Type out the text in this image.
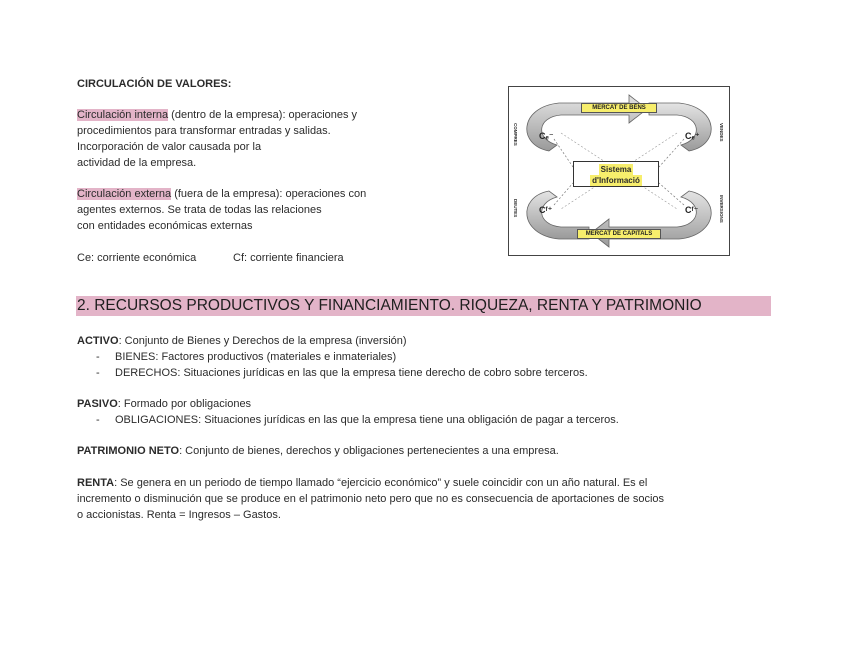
CIRCULACIÓN DE VALORES:
Circulación interna (dentro de la empresa): operaciones y
procedimientos para transformar entradas y salidas.
Incorporación de valor causada por la
actividad de la empresa.
Circulación externa (fuera de la empresa): operaciones con
agentes externos. Se trata de todas las relaciones
con entidades económicas externas
Ce: corriente económica	Cf: corriente financiera
MERCAT DE BÉNS
MERCAT DE CAPITALS
Sistema
d'Informació
Cₑ⁻	Cₑ⁺
Cᶠ⁺	Cᶠ⁻
COMPRES
DEUTES
VENDES
INVERSIONS
2. RECURSOS PRODUCTIVOS Y FINANCIAMIENTO. RIQUEZA, RENTA Y PATRIMONIO
ACTIVO: Conjunto de Bienes y Derechos de la empresa (inversión)
- BIENES: Factores productivos (materiales e inmateriales)
- DERECHOS: Situaciones jurídicas en las que la empresa tiene derecho de cobro sobre terceros.
PASIVO: Formado por obligaciones
- OBLIGACIONES: Situaciones jurídicas en las que la empresa tiene una obligación de pagar a terceros.
PATRIMONIO NETO: Conjunto de bienes, derechos y obligaciones pertenecientes a una empresa.
RENTA: Se genera en un periodo de tiempo llamado “ejercicio económico” y suele coincidir con un año natural. Es el
incremento o disminución que se produce en el patrimonio neto pero que no es consecuencia de aportaciones de socios
o accionistas. Renta = Ingresos – Gastos.
